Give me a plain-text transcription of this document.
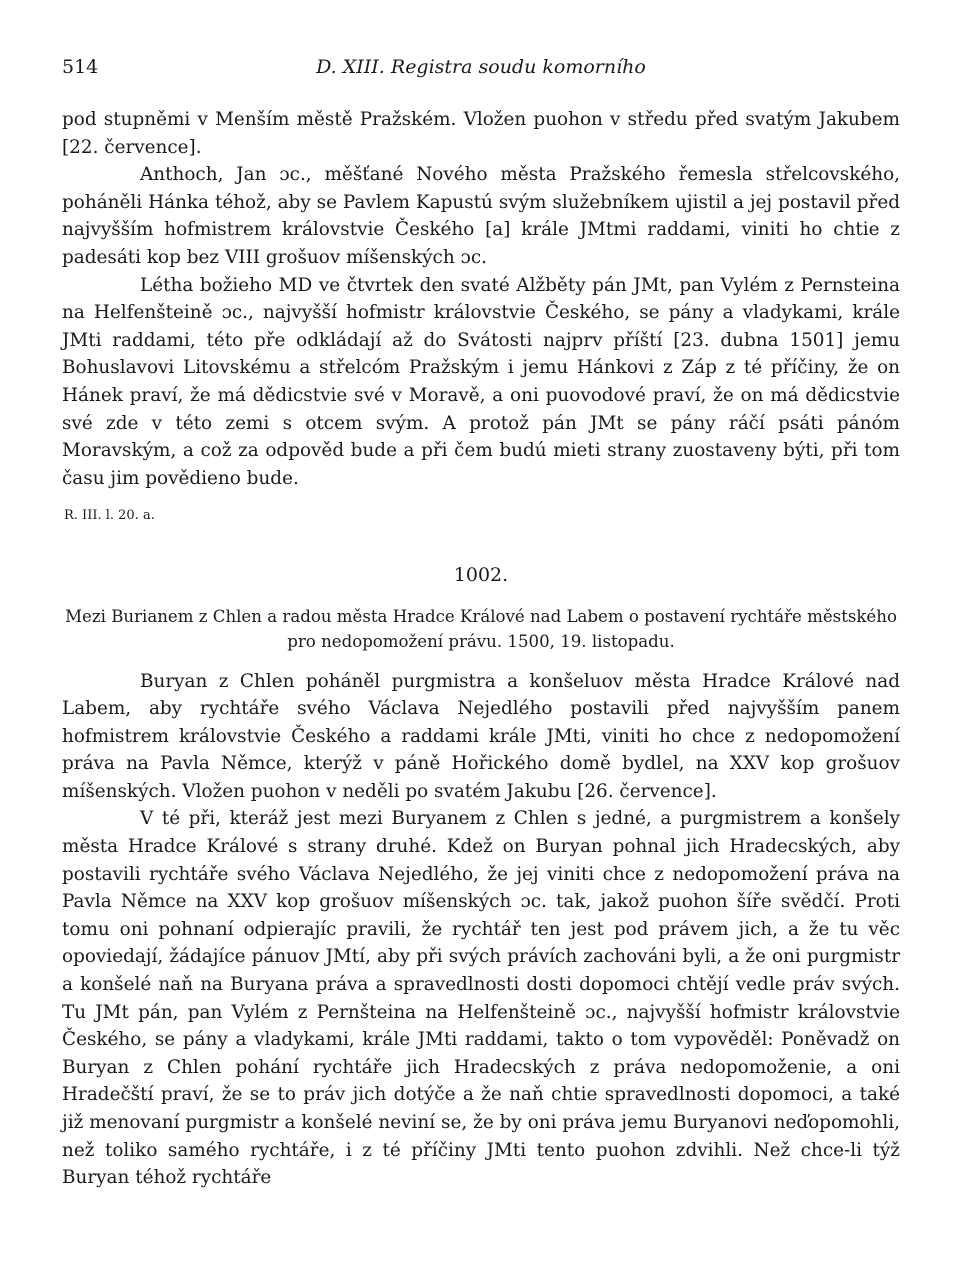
514	D. XIII. Registra soudu komorního

pod stupněmi v Menším městě Pražském. Vložen puohon v středu před svatým Jakubem [22. července].

Anthoch, Jan ɔc., měšťané Nového města Pražského řemesla střelcovského, poháněli Hánka téhož, aby se Pavlem Kapustú svým služebníkem ujistil a jej postavil před najvyšším hofmistrem královstvie Českého [a] krále JMtmi raddami, viniti ho chtie z padesáti kop bez VIII grošuov míšenských ɔc.

Létha božieho MD ve čtvrtek den svaté Alžběty pán JMt, pan Vylém z Pernsteina na Helfenšteině ɔc., najvyšší hofmistr královstvie Českého, se pány a vladykami, krále JMti raddami, této pře odkládají až do Svátosti najprv příští [23. dubna 1501] jemu Bohuslavovi Litovskému a střelcóm Pražským i jemu Hánkovi z Záp z té příčiny, že on Hánek praví, že má dědicstvie své v Moravě, a oni puovodové praví, že on má dědicstvie své zde v této zemi s otcem svým. A protož pán JMt se pány ráčí psáti pánóm Moravským, a což za odpověd bude a při čem budú mieti strany zuostaveny býti, při tom času jim povědieno bude.

R. III. l. 20. a.
1002.
Mezi Burianem z Chlen a radou města Hradce Králové nad Labem o postavení rychtáře městského pro nedopomožení právu. 1500, 19. listopadu.

Buryan z Chlen poháněl purgmistra a konšeluov města Hradce Králové nad Labem, aby rychtáře svého Václava Nejedlého postavili před najvyšším panem hofmistrem královstvie Českého a raddami krále JMti, viniti ho chce z nedopomožení práva na Pavla Němce, kterýž v páně Hořického domě bydlel, na XXV kop grošuov míšenských. Vložen puohon v neděli po svatém Jakubu [26. července].

V té při, kteráž jest mezi Buryanem z Chlen s jedné, a purgmistrem a konšely města Hradce Králové s strany druhé. Kdež on Buryan pohnal jich Hradecských, aby postavili rychtáře svého Václava Nejedlého, že jej viniti chce z nedopomožení práva na Pavla Němce na XXV kop grošuov míšenských ɔc. tak, jakož puohon šíře svědčí. Proti tomu oni pohnaní odpierajíc pravili, že rychtář ten jest pod právem jich, a že tu věc opoviedají, žádajíce pánuov JMtí, aby při svých právích zachováni byli, a že oni purgmistr a konšelé naň na Buryana práva a spravedlnosti dosti dopomoci chtějí vedle práv svých. Tu JMt pán, pan Vylém z Pernšteina na Helfenšteině ɔc., najvyšší hofmistr královstvie Českého, se pány a vladykami, krále JMti raddami, takto o tom vypověděl: Poněvadž on Buryan z Chlen pohání rychtáře jich Hradecských z práva nedopomoženie, a oni Hradečští praví, že se to práv jich dotýče a že naň chtie spravedlnosti dopomoci, a také již menovaní purgmistr a konšelé neviní se, že by oni práva jemu Buryanovi neďopomohli, než toliko samého rychtáře, i z té příčiny JMti tento puohon zdvihli. Než chce-li týž Buryan téhož rychtáře
